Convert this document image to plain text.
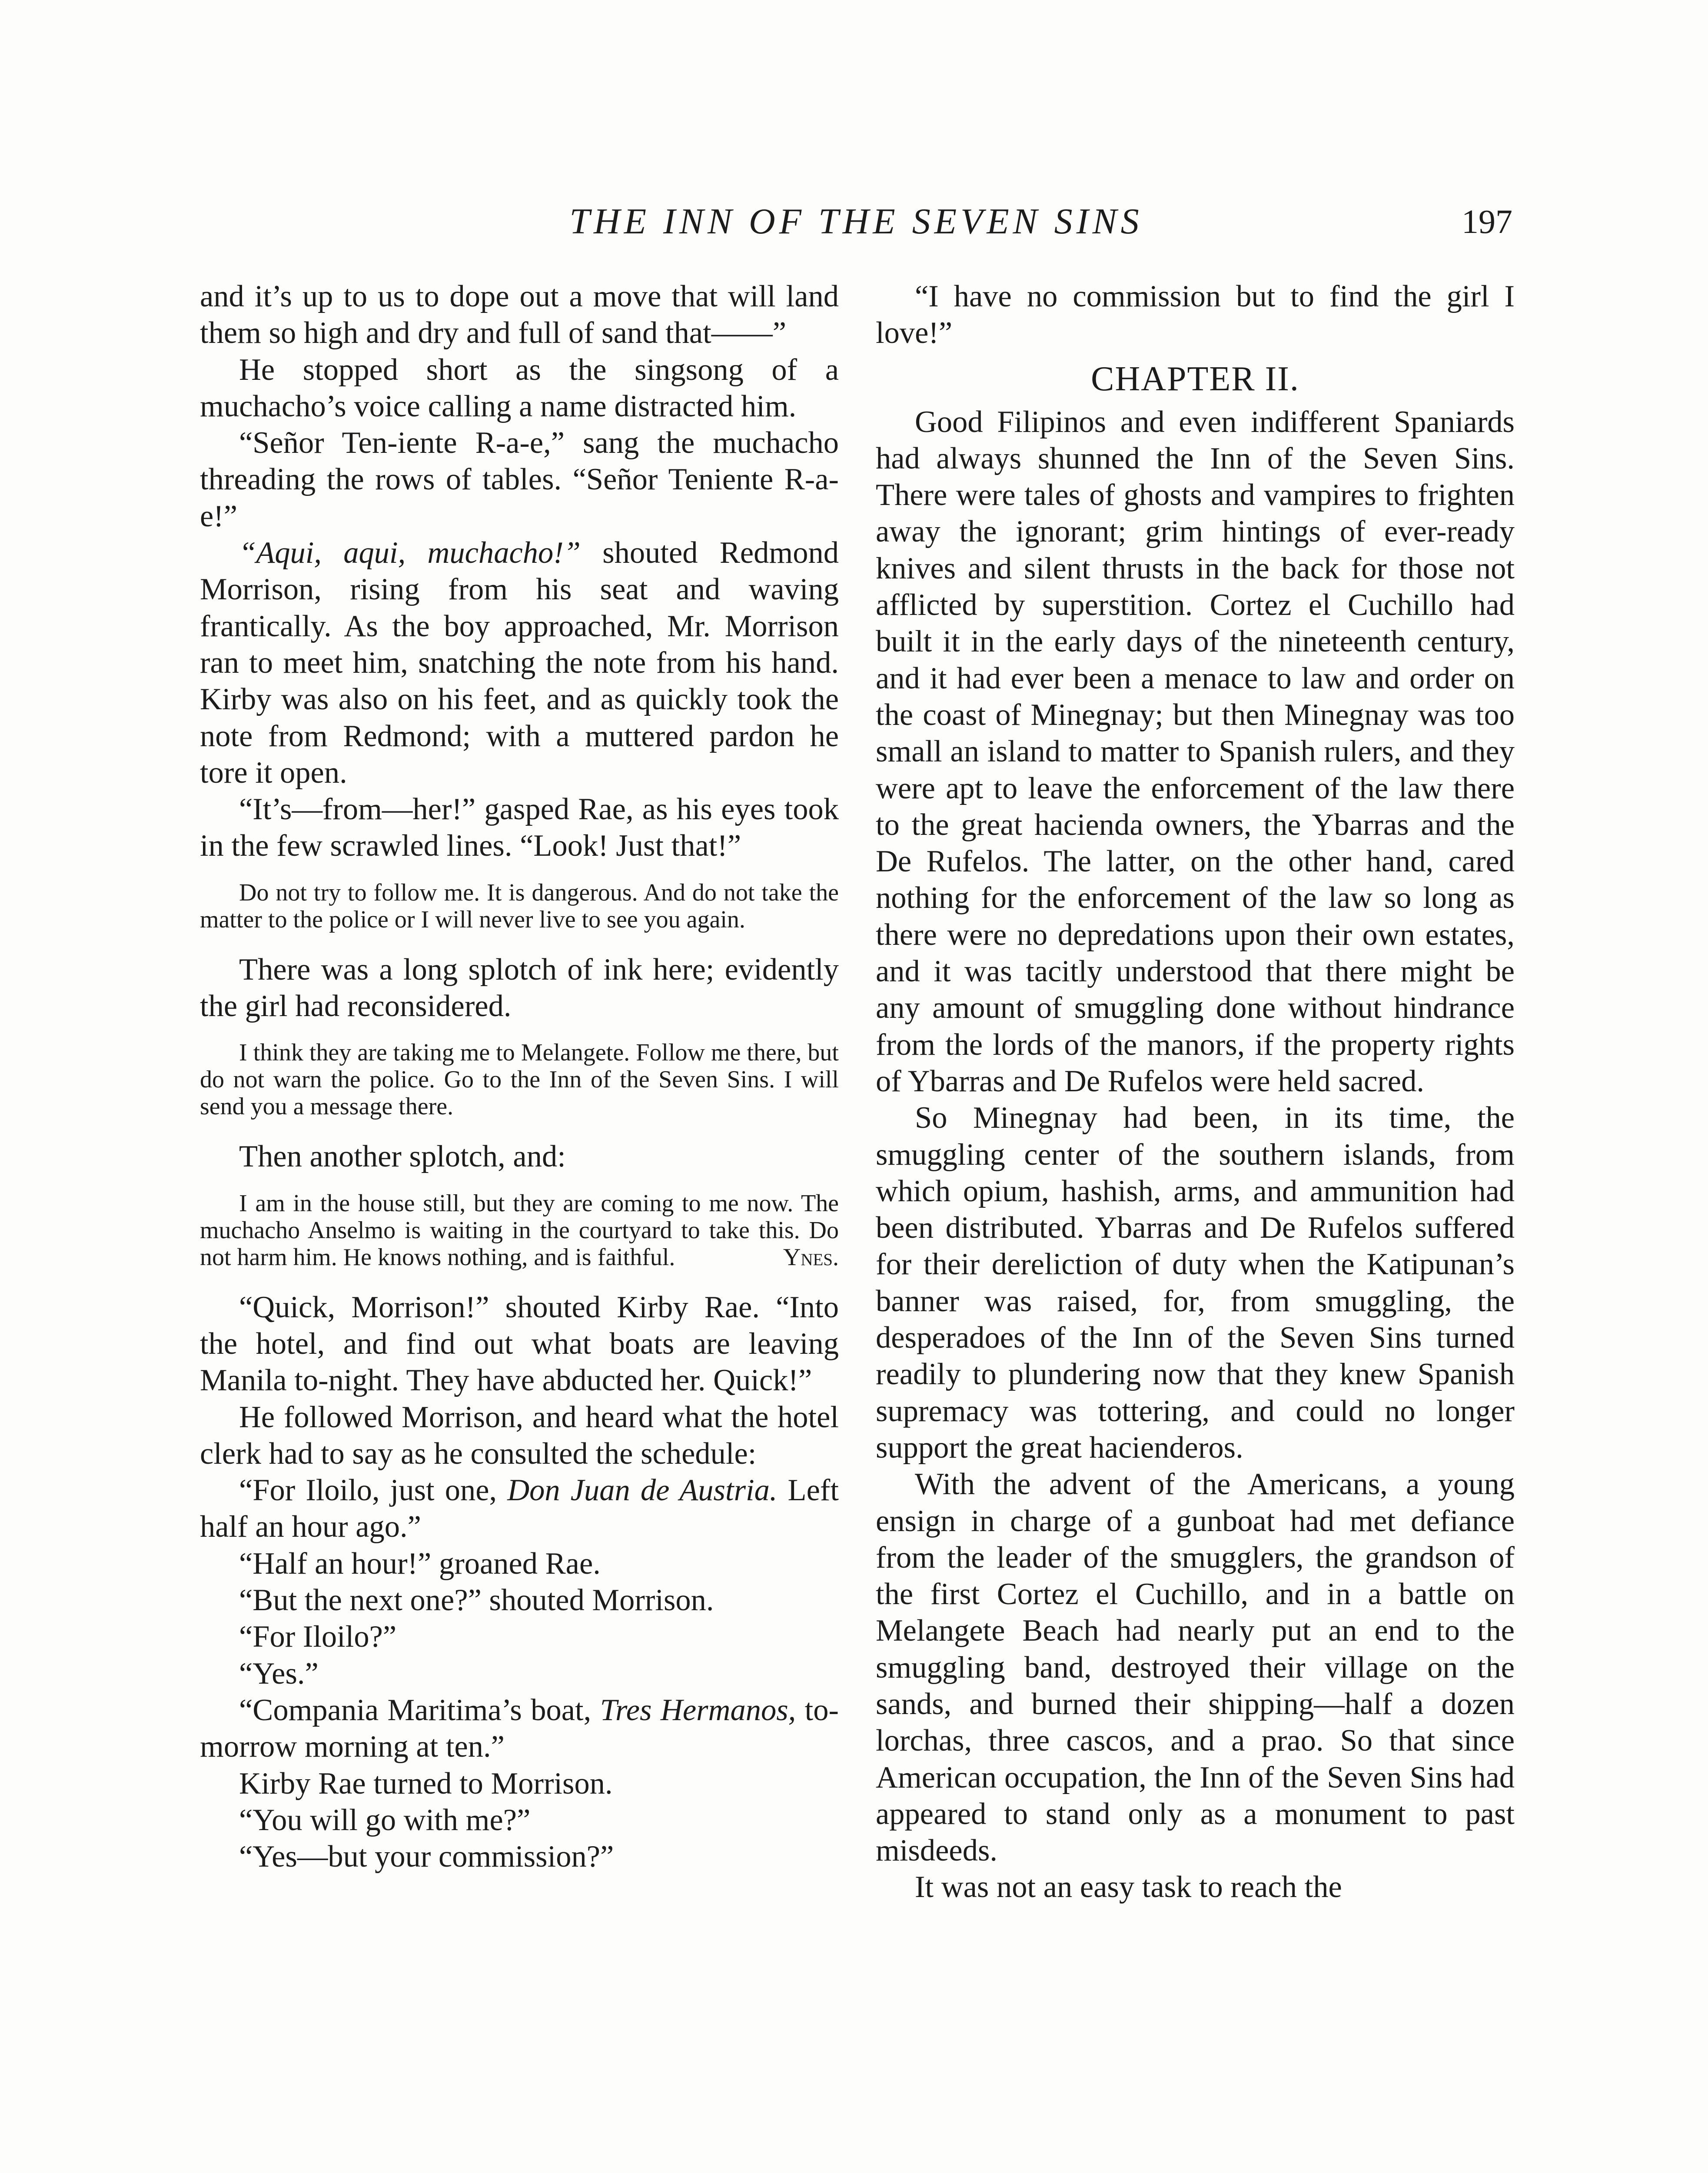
THE INN OF THE SEVEN SINS	197

and it’s up to us to dope out a move that will land them so high and dry and full of sand that——”

He stopped short as the singsong of a muchacho’s voice calling a name distracted him.

“Señor Ten-iente R-a-e,” sang the muchacho threading the rows of tables. “Señor Teniente R-a-e!”

“Aqui, aqui, muchacho!” shouted Redmond Morrison, rising from his seat and waving frantically. As the boy approached, Mr. Morrison ran to meet him, snatching the note from his hand. Kirby was also on his feet, and as quickly took the note from Redmond; with a muttered pardon he tore it open.

“It’s—from—her!” gasped Rae, as his eyes took in the few scrawled lines. “Look! Just that!”

Do not try to follow me. It is dangerous. And do not take the matter to the police or I will never live to see you again.

There was a long splotch of ink here; evidently the girl had reconsidered.

I think they are taking me to Melangete. Follow me there, but do not warn the police. Go to the Inn of the Seven Sins. I will send you a message there.

Then another splotch, and:

I am in the house still, but they are coming to me now. The muchacho Anselmo is waiting in the courtyard to take this. Do not harm him. He knows nothing, and is faithful.	Ynes.

“Quick, Morrison!” shouted Kirby Rae. “Into the hotel, and find out what boats are leaving Manila to-night. They have abducted her. Quick!”

He followed Morrison, and heard what the hotel clerk had to say as he consulted the schedule:

“For Iloilo, just one, Don Juan de Austria. Left half an hour ago.”

“Half an hour!” groaned Rae.

“But the next one?” shouted Morrison.

“For Iloilo?”

“Yes.”

“Compania Maritima’s boat, Tres Hermanos, to-morrow morning at ten.”

Kirby Rae turned to Morrison.

“You will go with me?”

“Yes—but your commission?”

“I have no commission but to find the girl I love!”

CHAPTER II.

Good Filipinos and even indifferent Spaniards had always shunned the Inn of the Seven Sins. There were tales of ghosts and vampires to frighten away the ignorant; grim hintings of ever-ready knives and silent thrusts in the back for those not afflicted by superstition. Cortez el Cuchillo had built it in the early days of the nineteenth century, and it had ever been a menace to law and order on the coast of Minegnay; but then Minegnay was too small an island to matter to Spanish rulers, and they were apt to leave the enforcement of the law there to the great hacienda owners, the Ybarras and the De Rufelos. The latter, on the other hand, cared nothing for the enforcement of the law so long as there were no depredations upon their own estates, and it was tacitly understood that there might be any amount of smuggling done without hindrance from the lords of the manors, if the property rights of Ybarras and De Rufelos were held sacred.

So Minegnay had been, in its time, the smuggling center of the southern islands, from which opium, hashish, arms, and ammunition had been distributed. Ybarras and De Rufelos suffered for their dereliction of duty when the Katipunan’s banner was raised, for, from smuggling, the desperadoes of the Inn of the Seven Sins turned readily to plundering now that they knew Spanish supremacy was tottering, and could no longer support the great hacienderos.

With the advent of the Americans, a young ensign in charge of a gunboat had met defiance from the leader of the smugglers, the grandson of the first Cortez el Cuchillo, and in a battle on Melangete Beach had nearly put an end to the smuggling band, destroyed their village on the sands, and burned their shipping—half a dozen lorchas, three cascos, and a prao. So that since American occupation, the Inn of the Seven Sins had appeared to stand only as a monument to past misdeeds.

It was not an easy task to reach the
